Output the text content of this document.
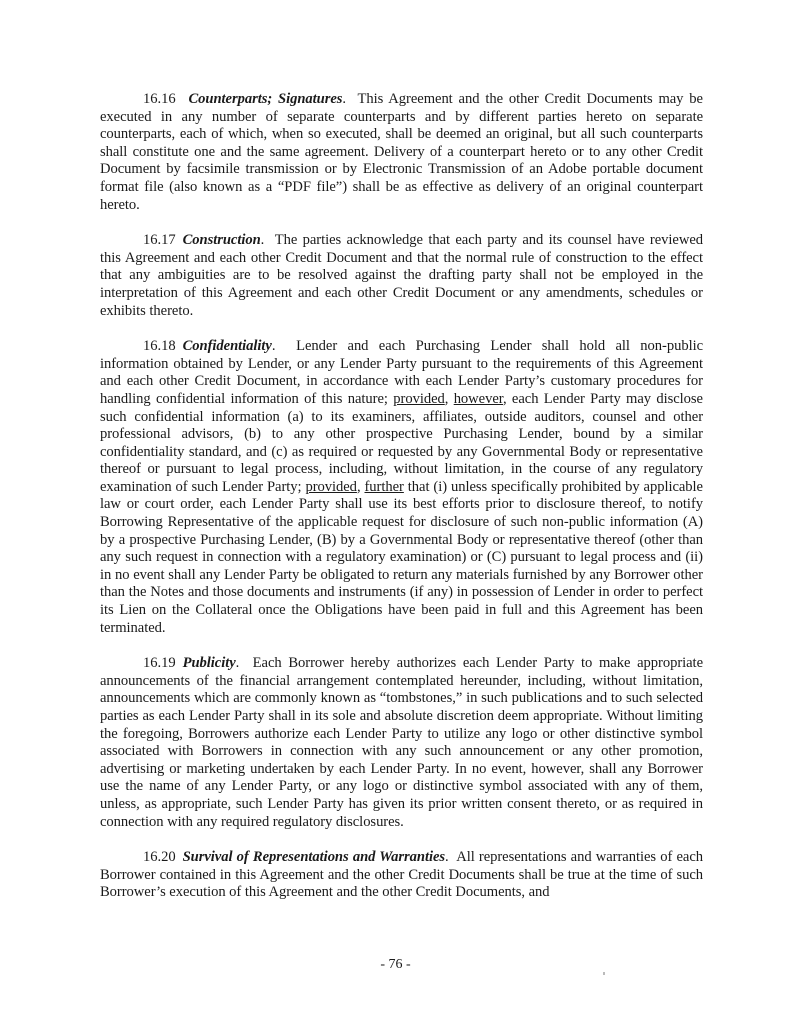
16.16 Counterparts; Signatures.  This Agreement and the other Credit Documents may be executed in any number of separate counterparts and by different parties hereto on separate counterparts, each of which, when so executed, shall be deemed an original, but all such counterparts shall constitute one and the same agreement. Delivery of a counterpart hereto or to any other Credit Document by facsimile transmission or by Electronic Transmission of an Adobe portable document format file (also known as a “PDF file”) shall be as effective as delivery of an original counterpart hereto.

16.17 Construction.  The parties acknowledge that each party and its counsel have reviewed this Agreement and each other Credit Document and that the normal rule of construction to the effect that any ambiguities are to be resolved against the drafting party shall not be employed in the interpretation of this Agreement and each other Credit Document or any amendments, schedules or exhibits thereto.

16.18 Confidentiality.  Lender and each Purchasing Lender shall hold all non-public information obtained by Lender, or any Lender Party pursuant to the requirements of this Agreement and each other Credit Document, in accordance with each Lender Party’s customary procedures for handling confidential information of this nature; provided, however, each Lender Party may disclose such confidential information (a) to its examiners, affiliates, outside auditors, counsel and other professional advisors, (b) to any other prospective Purchasing Lender, bound by a similar confidentiality standard, and (c) as required or requested by any Governmental Body or representative thereof or pursuant to legal process, including, without limitation, in the course of any regulatory examination of such Lender Party; provided, further that (i) unless specifically prohibited by applicable law or court order, each Lender Party shall use its best efforts prior to disclosure thereof, to notify Borrowing Representative of the applicable request for disclosure of such non-public information (A) by a prospective Purchasing Lender, (B) by a Governmental Body or representative thereof (other than any such request in connection with a regulatory examination) or (C) pursuant to legal process and (ii) in no event shall any Lender Party be obligated to return any materials furnished by any Borrower other than the Notes and those documents and instruments (if any) in possession of Lender in order to perfect its Lien on the Collateral once the Obligations have been paid in full and this Agreement has been terminated.

16.19 Publicity.  Each Borrower hereby authorizes each Lender Party to make appropriate announcements of the financial arrangement contemplated hereunder, including, without limitation, announcements which are commonly known as “tombstones,” in such publications and to such selected parties as each Lender Party shall in its sole and absolute discretion deem appropriate. Without limiting the foregoing, Borrowers authorize each Lender Party to utilize any logo or other distinctive symbol associated with Borrowers in connection with any such announcement or any other promotion, advertising or marketing undertaken by each Lender Party. In no event, however, shall any Borrower use the name of any Lender Party, or any logo or distinctive symbol associated with any of them, unless, as appropriate, such Lender Party has given its prior written consent thereto, or as required in connection with any required regulatory disclosures.

16.20 Survival of Representations and Warranties.  All representations and warranties of each Borrower contained in this Agreement and the other Credit Documents shall be true at the time of such Borrower’s execution of this Agreement and the other Credit Documents, and

- 76 -
